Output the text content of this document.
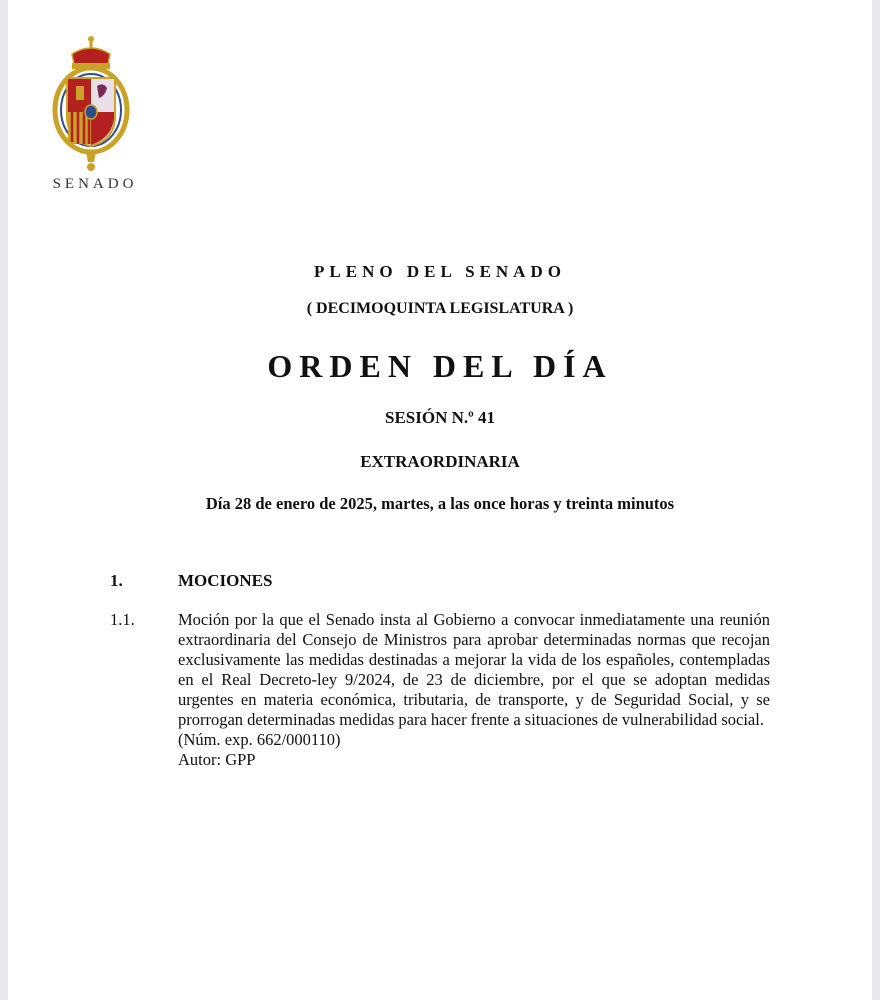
SENADO
PLENO DEL SENADO
( DECIMOQUINTA LEGISLATURA )
ORDEN DEL DÍA
SESIÓN N.º 41
EXTRAORDINARIA
Día 28 de enero de 2025, martes, a las once horas y treinta minutos
1.	MOCIONES
1.1.	Moción por la que el Senado insta al Gobierno a convocar inmediatamente una reunión extraordinaria del Consejo de Ministros para aprobar determinadas normas que recojan exclusivamente las medidas destinadas a mejorar la vida de los españoles, contempladas en el Real Decreto-ley 9/2024, de 23 de diciembre, por el que se adoptan medidas urgentes en materia económica, tributaria, de transporte, y de Seguridad Social, y se prorrogan determinadas medidas para hacer frente a situaciones de vulnerabilidad social.

(Núm. exp. 662/000110)
Autor: GPP
